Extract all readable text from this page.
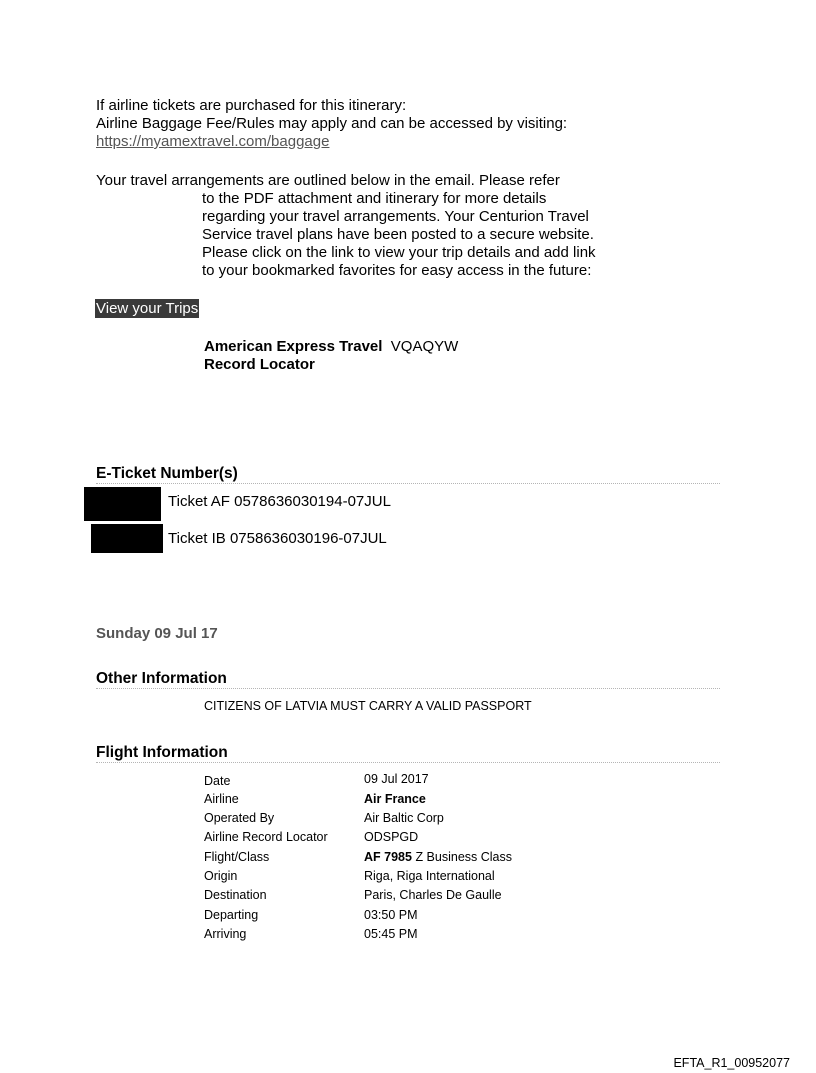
If airline tickets are purchased for this itinerary:
Airline Baggage Fee/Rules may apply and can be accessed by visiting:
https://myamextravel.com/baggage
Your travel arrangements are outlined below in the email. Please refer
to the PDF attachment and itinerary for more details
regarding your travel arrangements. Your Centurion Travel
Service travel plans have been posted to a secure website.
Please click on the link to view your trip details and add link
to your bookmarked favorites for easy access in the future:
View your Trips
American Express Travel VQAQYW
Record Locator
E-Ticket Number(s)
Ticket AF 0578636030194-07JUL
Ticket IB 0758636030196-07JUL
Sunday 09 Jul 17
Other Information
CITIZENS OF LATVIA MUST CARRY A VALID PASSPORT
Flight Information
Date	09 Jul 2017
Airline	Air France
Operated By	Air Baltic Corp
Airline Record Locator	ODSPGD
Flight/Class	AF 7985 Z Business Class
Origin	Riga, Riga International
Destination	Paris, Charles De Gaulle
Departing	03:50 PM
Arriving	05:45 PM
EFTA_R1_00952077
